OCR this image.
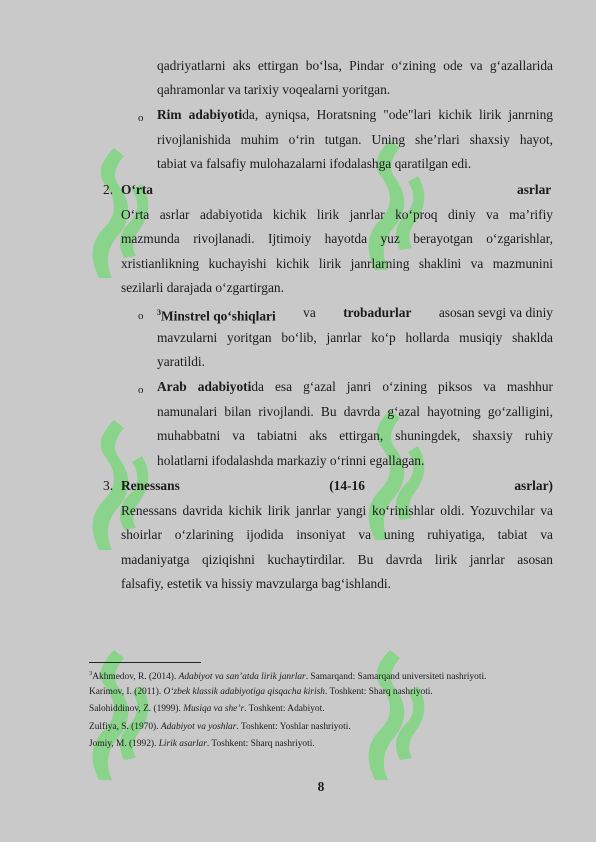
qadriyatlarni aks ettirgan bo‘lsa, Pindar o‘zining ode va g‘azallarida
qahramonlar va tarixiy voqealarni yoritgan.
o Rim adabiyotida, ayniqsa, Horatsning "ode"lari kichik lirik janrning
rivojlanishida muhim o‘rin tutgan. Uning she’rlari shaxsiy hayot,
tabiat va falsafiy mulohazalarni ifodalashga qaratilgan edi.
2. O‘rta	asrlar
O‘rta asrlar adabiyotida kichik lirik janrlar ko‘proq diniy va ma’rifiy
mazmunda rivojlanadi. Ijtimoiy hayotda yuz berayotgan o‘zgarishlar,
xristianlikning kuchayishi kichik lirik janrlarning shaklini va mazmunini
sezilarli darajada o‘zgartirgan.
o $^3$Minstrel qo‘shiqlari va trobadurlar asosan sevgi va diniy
mavzularni yoritgan bo‘lib, janrlar ko‘p hollarda musiqiy shaklda
yaratildi.
o Arab adabiyotida esa g‘azal janri o‘zining piksos va mashhur
namunalari bilan rivojlandi. Bu davrda g‘azal hayotning go‘zalligini,
muhabbatni va tabiatni aks ettirgan, shuningdek, shaxsiy ruhiy
holatlarni ifodalashda markaziy o‘rinni egallagan.
3. Renessans	(14-16	asrlar)
Renessans davrida kichik lirik janrlar yangi ko‘rinishlar oldi. Yozuvchilar va
shoirlar o‘zlarining ijodida insoniyat va uning ruhiyatiga, tabiat va
madaniyatga qiziqishni kuchaytirdilar. Bu davrda lirik janrlar asosan
falsafiy, estetik va hissiy mavzularga bag‘ishlandi.
$^3$Akhmedov, R. (2014). Adabiyot va san’atda lirik janrlar. Samarqand: Samarqand universiteti nashriyoti.
Karimov, I. (2011). O‘zbek klassik adabiyotiga qisqacha kirish. Toshkent: Sharq nashriyoti.
Salohiddinov, Z. (1999). Musiqa va she’r. Toshkent: Adabiyot.
Zulfiya, S. (1970). Adabiyot va yoshlar. Toshkent: Yoshlar nashriyoti.
Jomiy, M. (1992). Lirik asarlar. Toshkent: Sharq nashriyoti.
8
